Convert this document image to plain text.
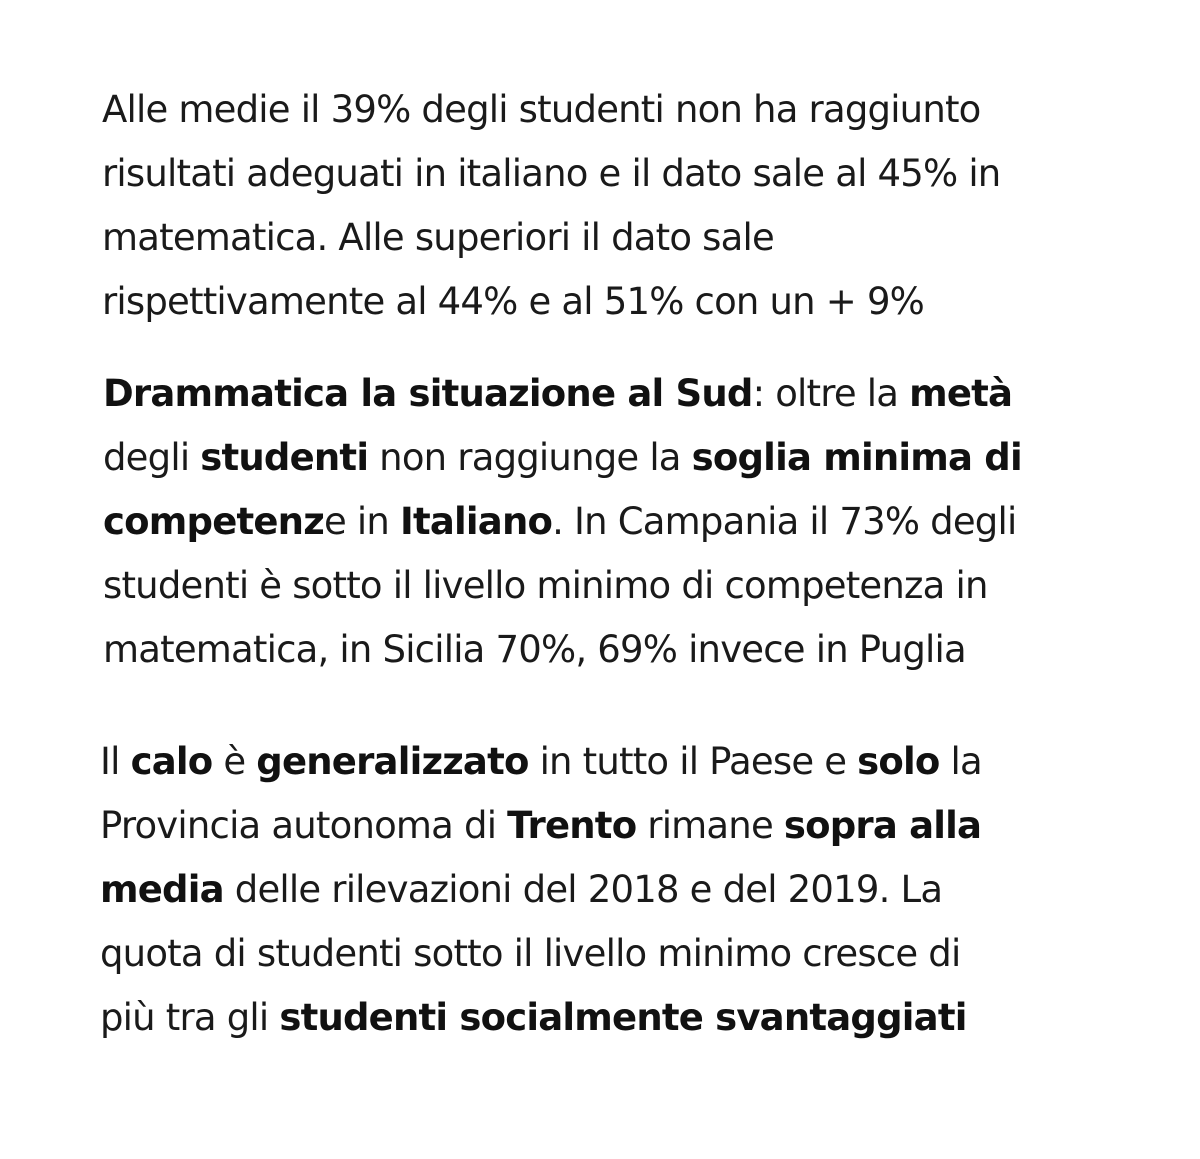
Alle medie il 39% degli studenti non ha raggiunto
risultati adeguati in italiano e il dato sale al 45% in
matematica. Alle superiori il dato sale
rispettivamente al 44% e al 51% con un + 9%

Drammatica la situazione al Sud: oltre la metà
degli studenti non raggiunge la soglia minima di
competenze in Italiano. In Campania il 73% degli
studenti è sotto il livello minimo di competenza in
matematica, in Sicilia 70%, 69% invece in Puglia

Il calo è generalizzato in tutto il Paese e solo la
Provincia autonoma di Trento rimane sopra alla
media delle rilevazioni del 2018 e del 2019. La
quota di studenti sotto il livello minimo cresce di
più tra gli studenti socialmente svantaggiati
